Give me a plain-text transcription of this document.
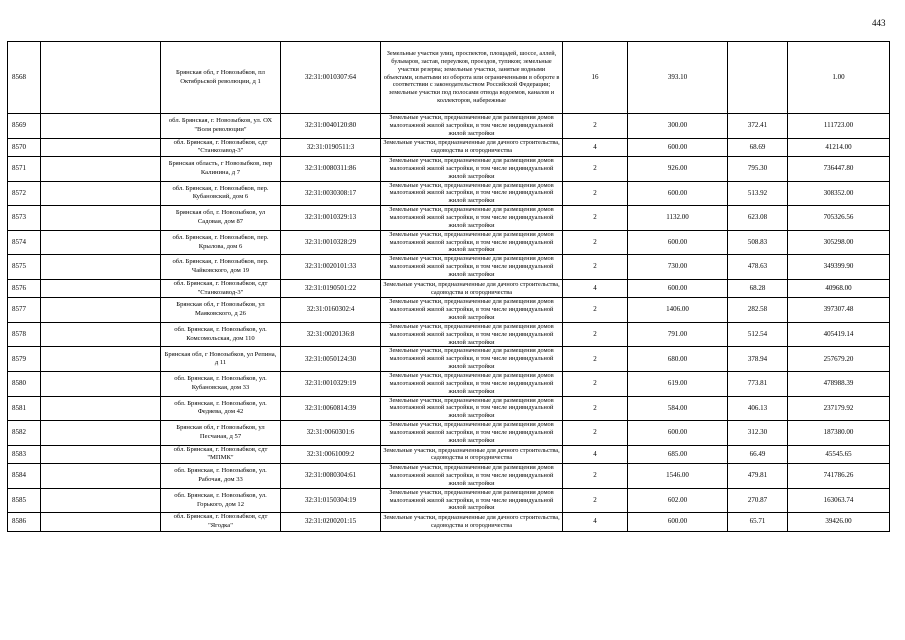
443
8568		Брянская обл, г Новозыбков, пл Октябрьской революции, д 1	32:31:0010307:64	Земельные участки улиц, проспектов, площадей, шоссе, аллей, бульваров, застав, переулков, проездов, тупиков; земельные участки резерва; земельные участки, занятые водными объектами, изъятыми из оборота или ограниченными в обороте в соответствии с законодательством Российской Федерации; земельные участки под полосами отвода водоемов, каналов и коллекторов, набережные	16	393.10		1.00
8569		обл. Брянская, г. Новозыбков, ул. ОХ "Воля революции"	32:31:0040120:80	Земельные участки, предназначенные для размещения домов малоэтажной жилой застройки, в том числе индивидуальной жилой застройки	2	300.00	372.41	111723.00
8570		обл. Брянская, г. Новозыбков, сдт "Станкозавод-3"	32:31:0190511:3	Земельные участки, предназначенные для дачного строительства, садоводства и огородничества	4	600.00	68.69	41214.00
8571		Брянская область, г Новозыбков, пер Калинина, д 7	32:31:0080311:86	Земельные участки, предназначенные для размещения домов малоэтажной жилой застройки, в том числе индивидуальной жилой застройки	2	926.00	795.30	736447.80
8572		обл. Брянская, г. Новозыбков, пер. Кубановский, дом 6	32:31:0030308:17	Земельные участки, предназначенные для размещения домов малоэтажной жилой застройки, в том числе индивидуальной жилой застройки	2	600.00	513.92	308352.00
8573		Брянская обл, г. Новозыбков, ул Садовая, дом 87	32:31:0010329:13	Земельные участки, предназначенные для размещения домов малоэтажной жилой застройки, в том числе индивидуальной жилой застройки	2	1132.00	623.08	705326.56
8574		обл. Брянская, г. Новозыбков, пер. Крылова, дом 6	32:31:0010328:29	Земельные участки, предназначенные для размещения домов малоэтажной жилой застройки, в том числе индивидуальной жилой застройки	2	600.00	508.83	305298.00
8575		обл. Брянская, г. Новозыбков, пер. Чайковского, дом 19	32:31:0020101:33	Земельные участки, предназначенные для размещения домов малоэтажной жилой застройки, в том числе индивидуальной жилой застройки	2	730.00	478.63	349399.90
8576		обл. Брянская, г. Новозыбков, сдт "Станкозавод-3"	32:31:0190501:22	Земельные участки, предназначенные для дачного строительства, садоводства и огородничества	4	600.00	68.28	40968.00
8577		Брянская обл, г Новозыбков, ул Маяковского, д 26	32:31:0160302:4	Земельные участки, предназначенные для размещения домов малоэтажной жилой застройки, в том числе индивидуальной жилой застройки	2	1406.00	282.58	397307.48
8578		обл. Брянская, г. Новозыбков, ул. Комсомольская, дом 110	32:31:0020136:8	Земельные участки, предназначенные для размещения домов малоэтажной жилой застройки, в том числе индивидуальной жилой застройки	2	791.00	512.54	405419.14
8579		Брянская обл, г Новозыбков, ул Репина, д 11	32:31:0050124:30	Земельные участки, предназначенные для размещения домов малоэтажной жилой застройки, в том числе индивидуальной жилой застройки	2	680.00	378.94	257679.20
8580		обл. Брянская, г. Новозыбков, ул. Кубановская, дом 33	32:31:0010329:19	Земельные участки, предназначенные для размещения домов малоэтажной жилой застройки, в том числе индивидуальной жилой застройки	2	619.00	773.81	478988.39
8581		обл. Брянская, г. Новозыбков, ул. Федяева, дом 42	32:31:0060814:39	Земельные участки, предназначенные для размещения домов малоэтажной жилой застройки, в том числе индивидуальной жилой застройки	2	584.00	406.13	237179.92
8582		Брянская обл, г Новозыбков, ул Песчаная, д 57	32:31:0060301:6	Земельные участки, предназначенные для размещения домов малоэтажной жилой застройки, в том числе индивидуальной жилой застройки	2	600.00	312.30	187380.00
8583		обл. Брянская, г. Новозыбков, сдт "МПМК"	32:31:0061009:2	Земельные участки, предназначенные для дачного строительства, садоводства и огородничества	4	685.00	66.49	45545.65
8584		обл. Брянская, г. Новозыбков, ул. Рабочая, дом 33	32:31:0080304:61	Земельные участки, предназначенные для размещения домов малоэтажной жилой застройки, в том числе индивидуальной жилой застройки	2	1546.00	479.81	741786.26
8585		обл. Брянская, г. Новозыбков, ул. Горького, дом 12	32:31:0150304:19	Земельные участки, предназначенные для размещения домов малоэтажной жилой застройки, в том числе индивидуальной жилой застройки	2	602.00	270.87	163063.74
8586		обл. Брянская, г. Новозыбков, сдт "Ягодка"	32:31:0200201:15	Земельные участки, предназначенные для дачного строительства, садоводства и огородничества	4	600.00	65.71	39426.00
